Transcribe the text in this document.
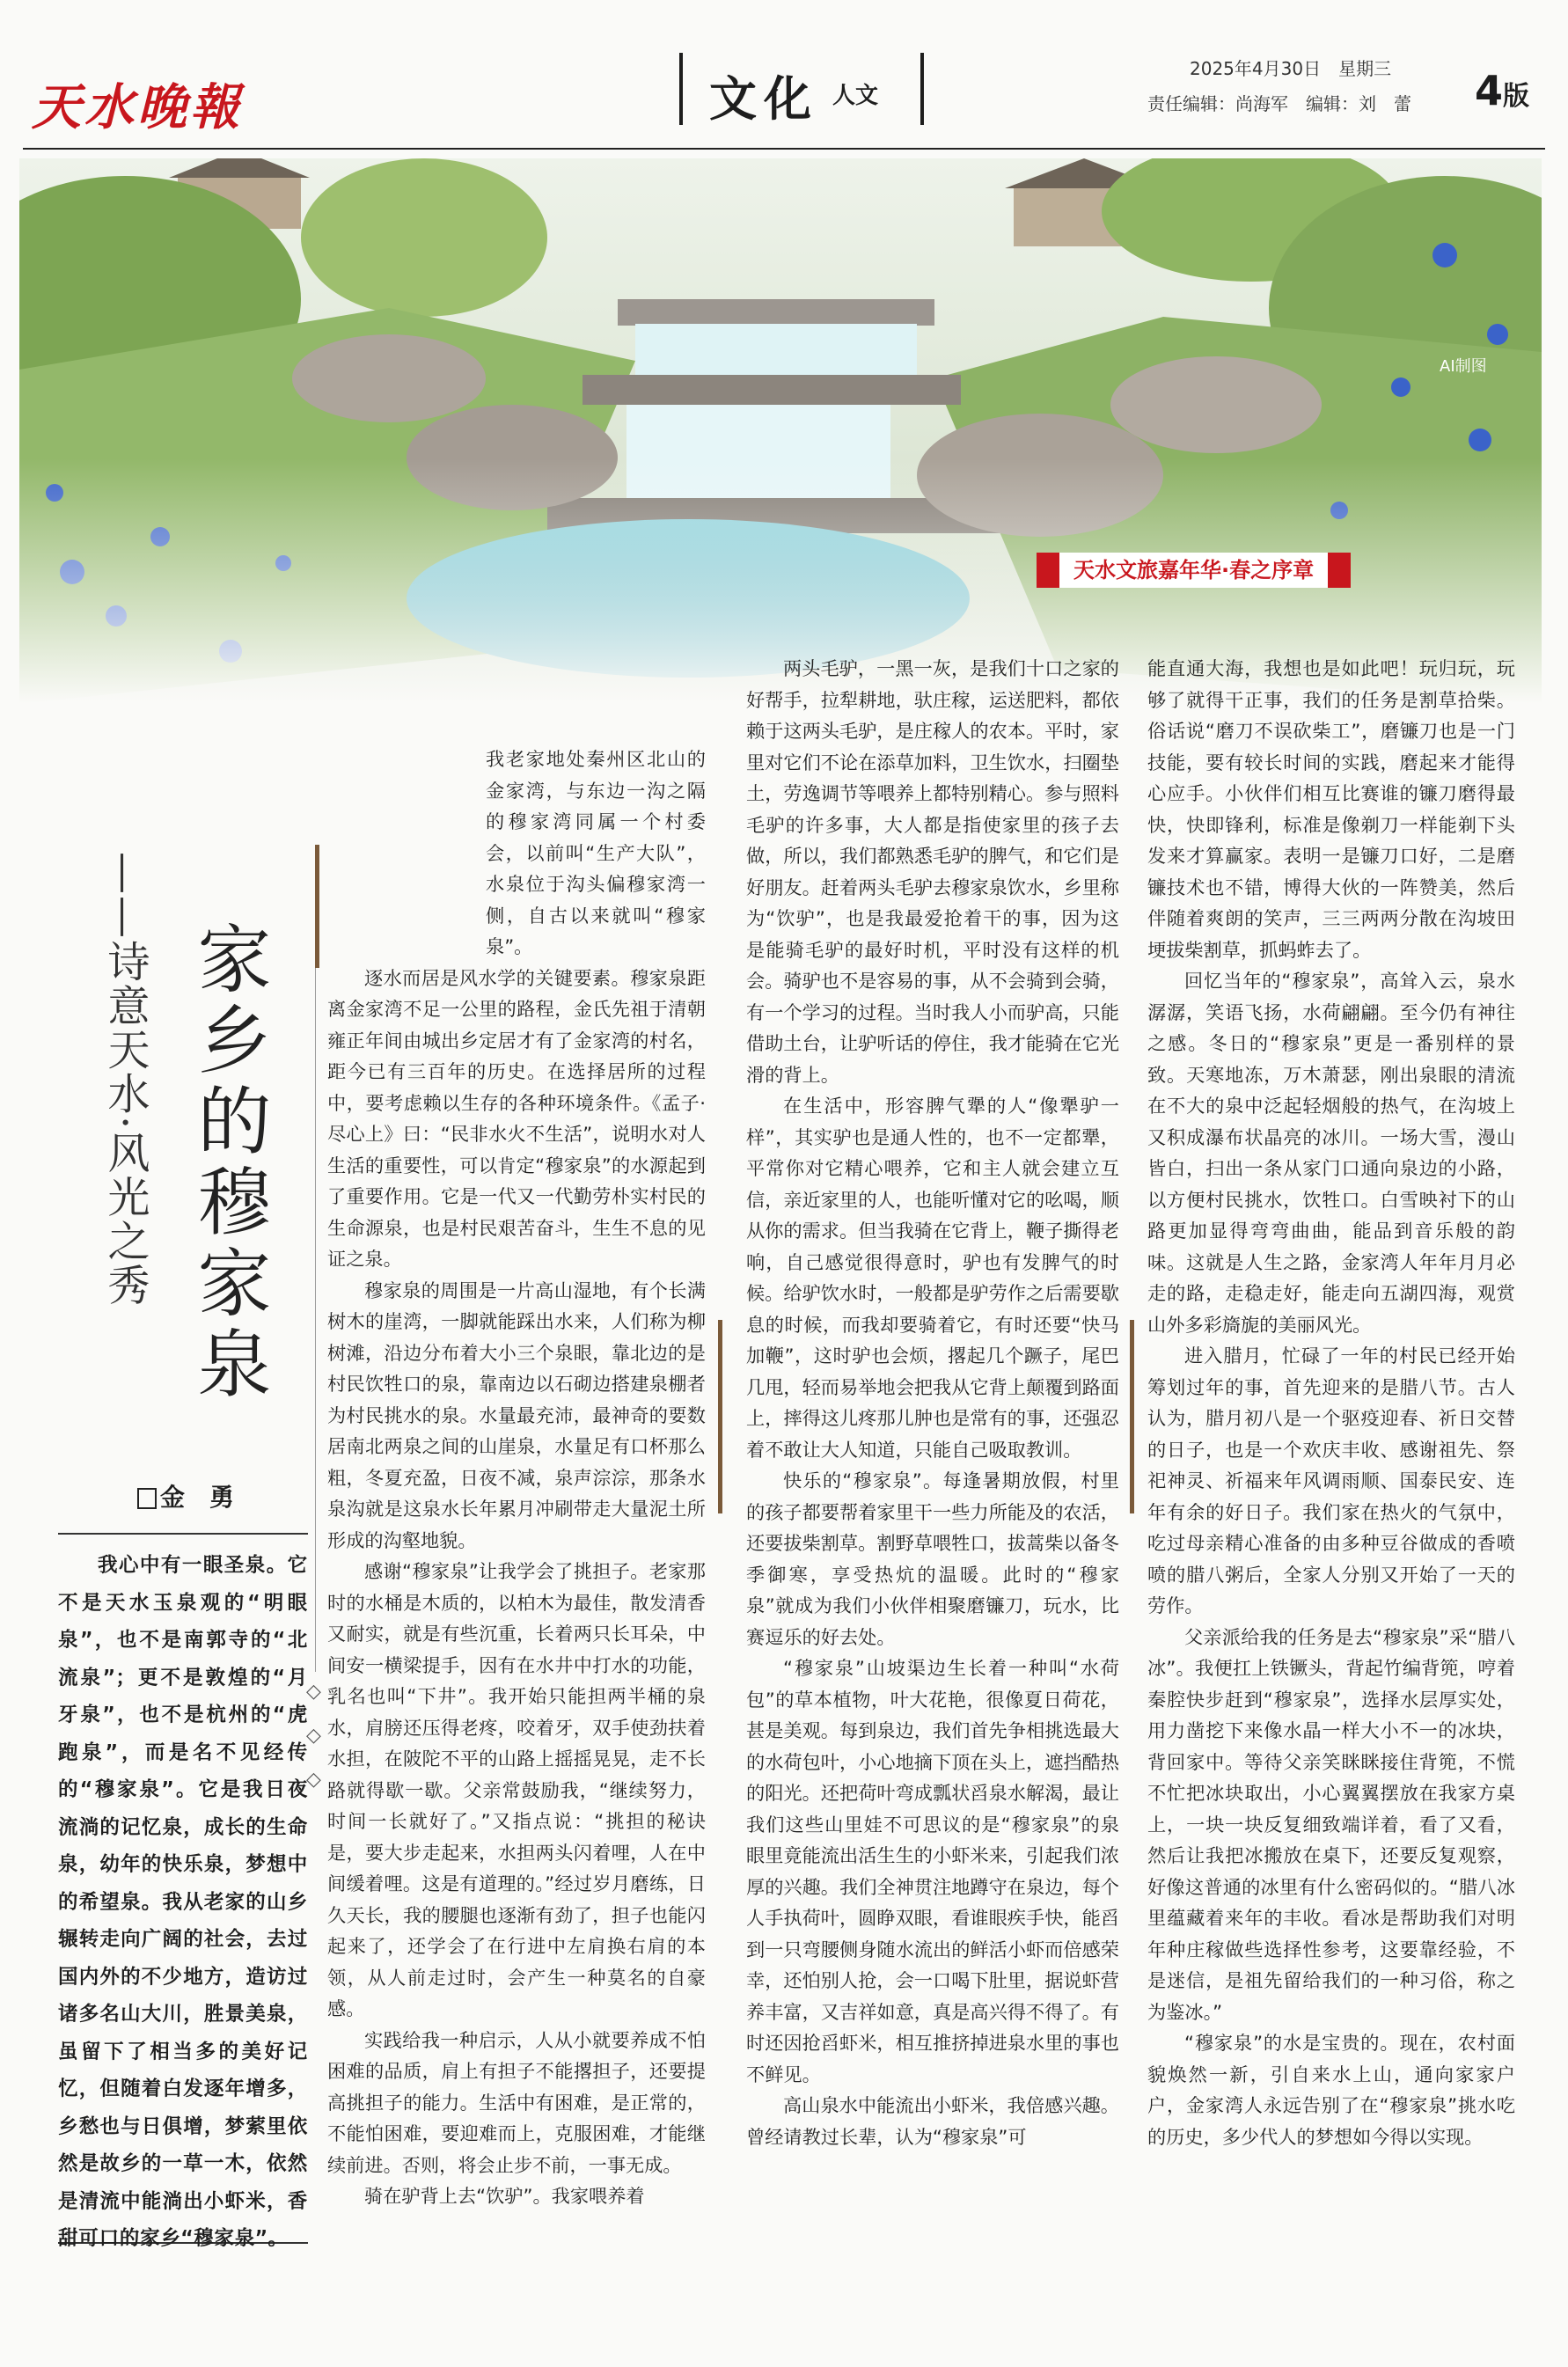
天水晚報	文化 人文
2025年4月30日　星期三
责任编辑：尚海军　编辑：刘　蕾 4版
AI制图
天水文旅嘉年华·春之序章
——诗意天水·风光之秀 家乡的穆家泉
金　勇

我心中有一眼圣泉。它不是天水玉泉观的“明眼泉”，也不是南郭寺的“北流泉”；更不是敦煌的“月牙泉”，也不是杭州的“虎跑泉”，而是名不见经传的“穆家泉”。它是我日夜流淌的记忆泉，成长的生命泉，幼年的快乐泉，梦想中的希望泉。我从老家的山乡辗转走向广阔的社会，去过国内外的不少地方，造访过诸多名山大川，胜景美泉，虽留下了相当多的美好记忆，但随着白发逐年增多，乡愁也与日俱增，梦萦里依然是故乡的一草一木，依然是清流中能淌出小虾米，香甜可口的家乡“穆家泉”。

◇
◇
◇

我老家地处秦州区北山的金家湾，与东边一沟之隔的穆家湾同属一个村委会，以前叫“生产大队”，水泉位于沟头偏穆家湾一侧，自古以来就叫“穆家泉”。

逐水而居是风水学的关键要素。穆家泉距离金家湾不足一公里的路程，金氏先祖于清朝雍正年间由城出乡定居才有了金家湾的村名，距今已有三百年的历史。在选择居所的过程中，要考虑赖以生存的各种环境条件。《孟子·尽心上》曰：“民非水火不生活”，说明水对人生活的重要性，可以肯定“穆家泉”的水源起到了重要作用。它是一代又一代勤劳朴实村民的生命源泉，也是村民艰苦奋斗，生生不息的见证之泉。

穆家泉的周围是一片高山湿地，有个长满树木的崖湾，一脚就能踩出水来，人们称为柳树滩，沿边分布着大小三个泉眼，靠北边的是村民饮牲口的泉，靠南边以石砌边搭建泉棚者为村民挑水的泉。水量最充沛，最神奇的要数居南北两泉之间的山崖泉，水量足有口杯那么粗，冬夏充盈，日夜不减，泉声淙淙，那条水泉沟就是这泉水长年累月冲刷带走大量泥土所形成的沟壑地貌。

感谢“穆家泉”让我学会了挑担子。老家那时的水桶是木质的，以柏木为最佳，散发清香又耐实，就是有些沉重，长着两只长耳朵，中间安一横梁提手，因有在水井中打水的功能，乳名也叫“下井”。我开始只能担两半桶的泉水，肩膀还压得老疼，咬着牙，双手使劲扶着水担，在陂陀不平的山路上摇摇晃晃，走不长路就得歇一歇。父亲常鼓励我，“继续努力，时间一长就好了。”又指点说：“挑担的秘诀是，要大步走起来，水担两头闪着哩，人在中间缓着哩。这是有道理的。”经过岁月磨练，日久天长，我的腰腿也逐渐有劲了，担子也能闪起来了，还学会了在行进中左肩换右肩的本领，从人前走过时，会产生一种莫名的自豪感。

实践给我一种启示，人从小就要养成不怕困难的品质，肩上有担子不能撂担子，还要提高挑担子的能力。生活中有困难，是正常的，不能怕困难，要迎难而上，克服困难，才能继续前进。否则，将会止步不前，一事无成。

骑在驴背上去“饮驴”。我家喂养着

两头毛驴，一黑一灰，是我们十口之家的好帮手，拉犁耕地，驮庄稼，运送肥料，都依赖于这两头毛驴，是庄稼人的农本。平时，家里对它们不论在添草加料，卫生饮水，扫圈垫土，劳逸调节等喂养上都特别精心。参与照料毛驴的许多事，大人都是指使家里的孩子去做，所以，我们都熟悉毛驴的脾气，和它们是好朋友。赶着两头毛驴去穆家泉饮水，乡里称为“饮驴”，也是我最爱抢着干的事，因为这是能骑毛驴的最好时机，平时没有这样的机会。骑驴也不是容易的事，从不会骑到会骑，有一个学习的过程。当时我人小而驴高，只能借助土台，让驴听话的停住，我才能骑在它光滑的背上。

在生活中，形容脾气犟的人“像犟驴一样”，其实驴也是通人性的，也不一定都犟，平常你对它精心喂养，它和主人就会建立互信，亲近家里的人，也能听懂对它的吆喝，顺从你的需求。但当我骑在它背上，鞭子撕得老响，自己感觉很得意时，驴也有发脾气的时候。给驴饮水时，一般都是驴劳作之后需要歇息的时候，而我却要骑着它，有时还要“快马加鞭”，这时驴也会烦，撂起几个蹶子，尾巴几甩，轻而易举地会把我从它背上颠覆到路面上，摔得这儿疼那儿肿也是常有的事，还强忍着不敢让大人知道，只能自己吸取教训。

快乐的“穆家泉”。每逢暑期放假，村里的孩子都要帮着家里干一些力所能及的农活，还要拔柴割草。割野草喂牲口，拔蒿柴以备冬季御寒，享受热炕的温暖。此时的“穆家泉”就成为我们小伙伴相聚磨镰刀，玩水，比赛逗乐的好去处。

“穆家泉”山坡渠边生长着一种叫“水荷包”的草本植物，叶大花艳，很像夏日荷花，甚是美观。每到泉边，我们首先争相挑选最大的水荷包叶，小心地摘下顶在头上，遮挡酷热的阳光。还把荷叶弯成瓢状舀泉水解渴，最让我们这些山里娃不可思议的是“穆家泉”的泉眼里竟能流出活生生的小虾米来，引起我们浓厚的兴趣。我们全神贯注地蹲守在泉边，每个人手执荷叶，圆睁双眼，看谁眼疾手快，能舀到一只弯腰侧身随水流出的鲜活小虾而倍感荣幸，还怕别人抢，会一口喝下肚里，据说虾营养丰富，又吉祥如意，真是高兴得不得了。有时还因抢舀虾米，相互推挤掉进泉水里的事也不鲜见。

高山泉水中能流出小虾米，我倍感兴趣。曾经请教过长辈，认为“穆家泉”可

能直通大海，我想也是如此吧！玩归玩，玩够了就得干正事，我们的任务是割草拾柴。俗话说“磨刀不误砍柴工”，磨镰刀也是一门技能，要有较长时间的实践，磨起来才能得心应手。小伙伴们相互比赛谁的镰刀磨得最快，快即锋利，标准是像剃刀一样能剃下头发来才算赢家。表明一是镰刀口好，二是磨镰技术也不错，博得大伙的一阵赞美，然后伴随着爽朗的笑声，三三两两分散在沟坡田埂拔柴割草，抓蚂蚱去了。

回忆当年的“穆家泉”，高耸入云，泉水潺潺，笑语飞扬，水荷翩翩。至今仍有神往之感。冬日的“穆家泉”更是一番别样的景致。天寒地冻，万木萧瑟，刚出泉眼的清流在不大的泉中泛起轻烟般的热气，在沟坡上又积成瀑布状晶亮的冰川。一场大雪，漫山皆白，扫出一条从家门口通向泉边的小路，以方便村民挑水，饮牲口。白雪映衬下的山路更加显得弯弯曲曲，能品到音乐般的韵味。这就是人生之路，金家湾人年年月月必走的路，走稳走好，能走向五湖四海，观赏山外多彩旖旎的美丽风光。

进入腊月，忙碌了一年的村民已经开始筹划过年的事，首先迎来的是腊八节。古人认为，腊月初八是一个驱疫迎春、祈日交替的日子，也是一个欢庆丰收、感谢祖先、祭祀神灵、祈福来年风调雨顺、国泰民安、连年有余的好日子。我们家在热火的气氛中，吃过母亲精心准备的由多种豆谷做成的香喷喷的腊八粥后，全家人分别又开始了一天的劳作。

父亲派给我的任务是去“穆家泉”采“腊八冰”。我便扛上铁镢头，背起竹编背篼，哼着秦腔快步赶到“穆家泉”，选择水层厚实处，用力凿挖下来像水晶一样大小不一的冰块，背回家中。等待父亲笑眯眯接住背篼，不慌不忙把冰块取出，小心翼翼摆放在我家方桌上，一块一块反复细致端详着，看了又看，然后让我把冰搬放在桌下，还要反复观察，好像这普通的冰里有什么密码似的。“腊八冰里蕴藏着来年的丰收。看冰是帮助我们对明年种庄稼做些选择性参考，这要靠经验，不是迷信，是祖先留给我们的一种习俗，称之为鉴冰。”

“穆家泉”的水是宝贵的。现在，农村面貌焕然一新，引自来水上山，通向家家户户，金家湾人永远告别了在“穆家泉”挑水吃的历史，多少代人的梦想如今得以实现。
